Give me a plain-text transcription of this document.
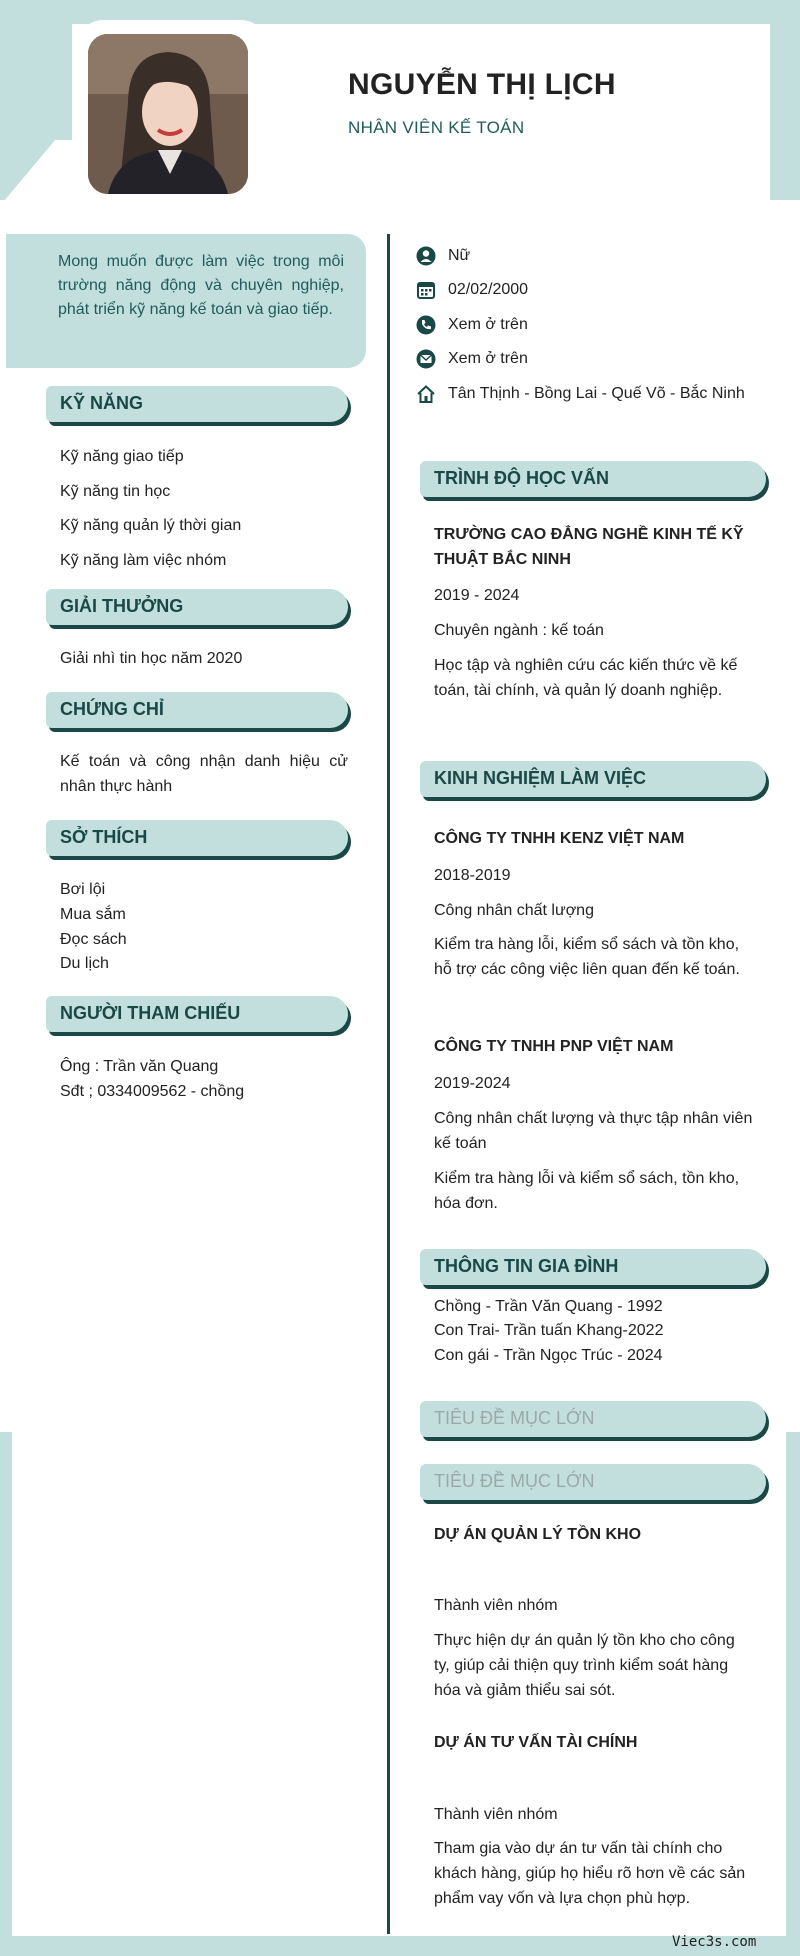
NGUYỄN THỊ LỊCH
NHÂN VIÊN KẾ TOÁN
Mong muốn được làm việc trong môi trường năng động và chuyên nghiệp, phát triển kỹ năng kế toán và giao tiếp.
KỸ NĂNG
Kỹ năng giao tiếp
Kỹ năng tin học
Kỹ năng quản lý thời gian
Kỹ năng làm việc nhóm
GIẢI THƯỞNG
Giải nhì tin học năm 2020
CHỨNG CHỈ
Kế toán và công nhận danh hiệu cử nhân thực hành
SỞ THÍCH
Bơi lội
Mua sắm
Đọc sách
Du lịch
NGƯỜI THAM CHIẾU
Ông : Trần văn Quang
Sđt ; 0334009562 - chồng
Nữ
02/02/2000
Xem ở trên
Xem ở trên
Tân Thịnh - Bồng Lai - Quế Võ - Bắc Ninh
TRÌNH ĐỘ HỌC VẤN
TRƯỜNG CAO ĐẲNG NGHỀ KINH TẾ KỸ THUẬT BẮC NINH
2019 - 2024
Chuyên ngành : kế toán
Học tập và nghiên cứu các kiến thức về kế toán, tài chính, và quản lý doanh nghiệp.
KINH NGHIỆM LÀM VIỆC
CÔNG TY TNHH KENZ VIỆT NAM
2018-2019
Công nhân chất lượng
Kiểm tra hàng lỗi, kiểm sổ sách và tồn kho, hỗ trợ các công việc liên quan đến kế toán.
CÔNG TY TNHH PNP VIỆT NAM
2019-2024
Công nhân chất lượng và thực tập nhân viên kế toán
Kiểm tra hàng lỗi và kiểm sổ sách, tồn kho, hóa đơn.
THÔNG TIN GIA ĐÌNH
Chồng - Trần Văn Quang - 1992
Con Trai- Trần tuấn Khang-2022
Con gái - Trần Ngọc Trúc - 2024
TIÊU ĐỀ MỤC LỚN
TIÊU ĐỀ MỤC LỚN
DỰ ÁN QUẢN LÝ TỒN KHO
Thành viên nhóm
Thực hiện dự án quản lý tồn kho cho công ty, giúp cải thiện quy trình kiểm soát hàng hóa và giảm thiểu sai sót.
DỰ ÁN TƯ VẤN TÀI CHÍNH
Thành viên nhóm
Tham gia vào dự án tư vấn tài chính cho khách hàng, giúp họ hiểu rõ hơn về các sản phẩm vay vốn và lựa chọn phù hợp.
Viec3s.com
